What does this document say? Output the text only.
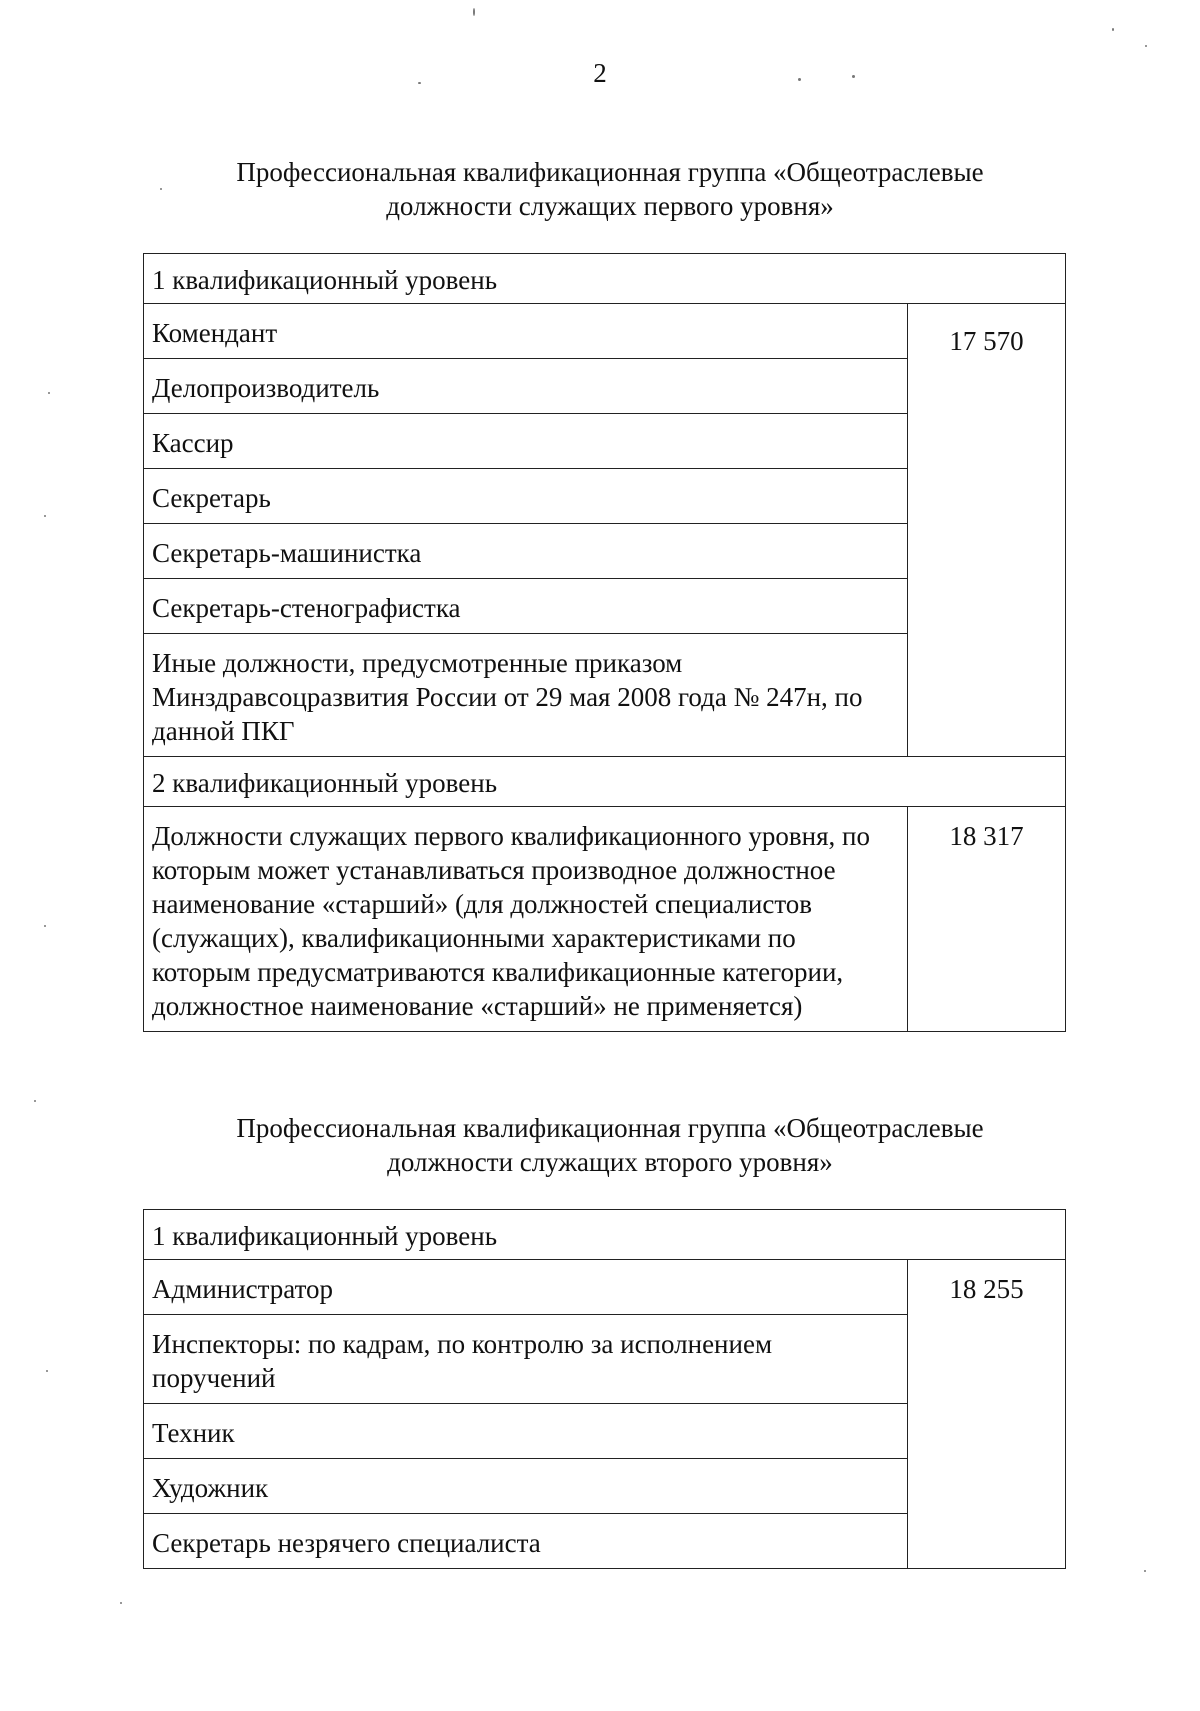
2
Профессиональная квалификационная группа «Общеотраслевые
должности служащих первого уровня»
1 квалификационный уровень	
Комендант	17 570
Делопроизводитель	
Кассир	
Секретарь	
Секретарь-машинистка	
Секретарь-стенографистка	
Иные должности, предусмотренные приказом Минздравсоцразвития России от 29 мая 2008 года № 247н, по данной ПКГ	
2 квалификационный уровень	
Должности служащих первого квалификационного уровня, по которым может устанавливаться производное должностное наименование «старший» (для должностей специалистов (служащих), квалификационными характеристиками по которым предусматриваются квалификационные категории, должностное наименование «старший» не применяется)	18 317
Профессиональная квалификационная группа «Общеотраслевые
должности служащих второго уровня»
1 квалификационный уровень
Администратор	18 255
Инспекторы: по кадрам, по контролю за исполнением поручений
Техник
Художник
Секретарь незрячего специалиста
